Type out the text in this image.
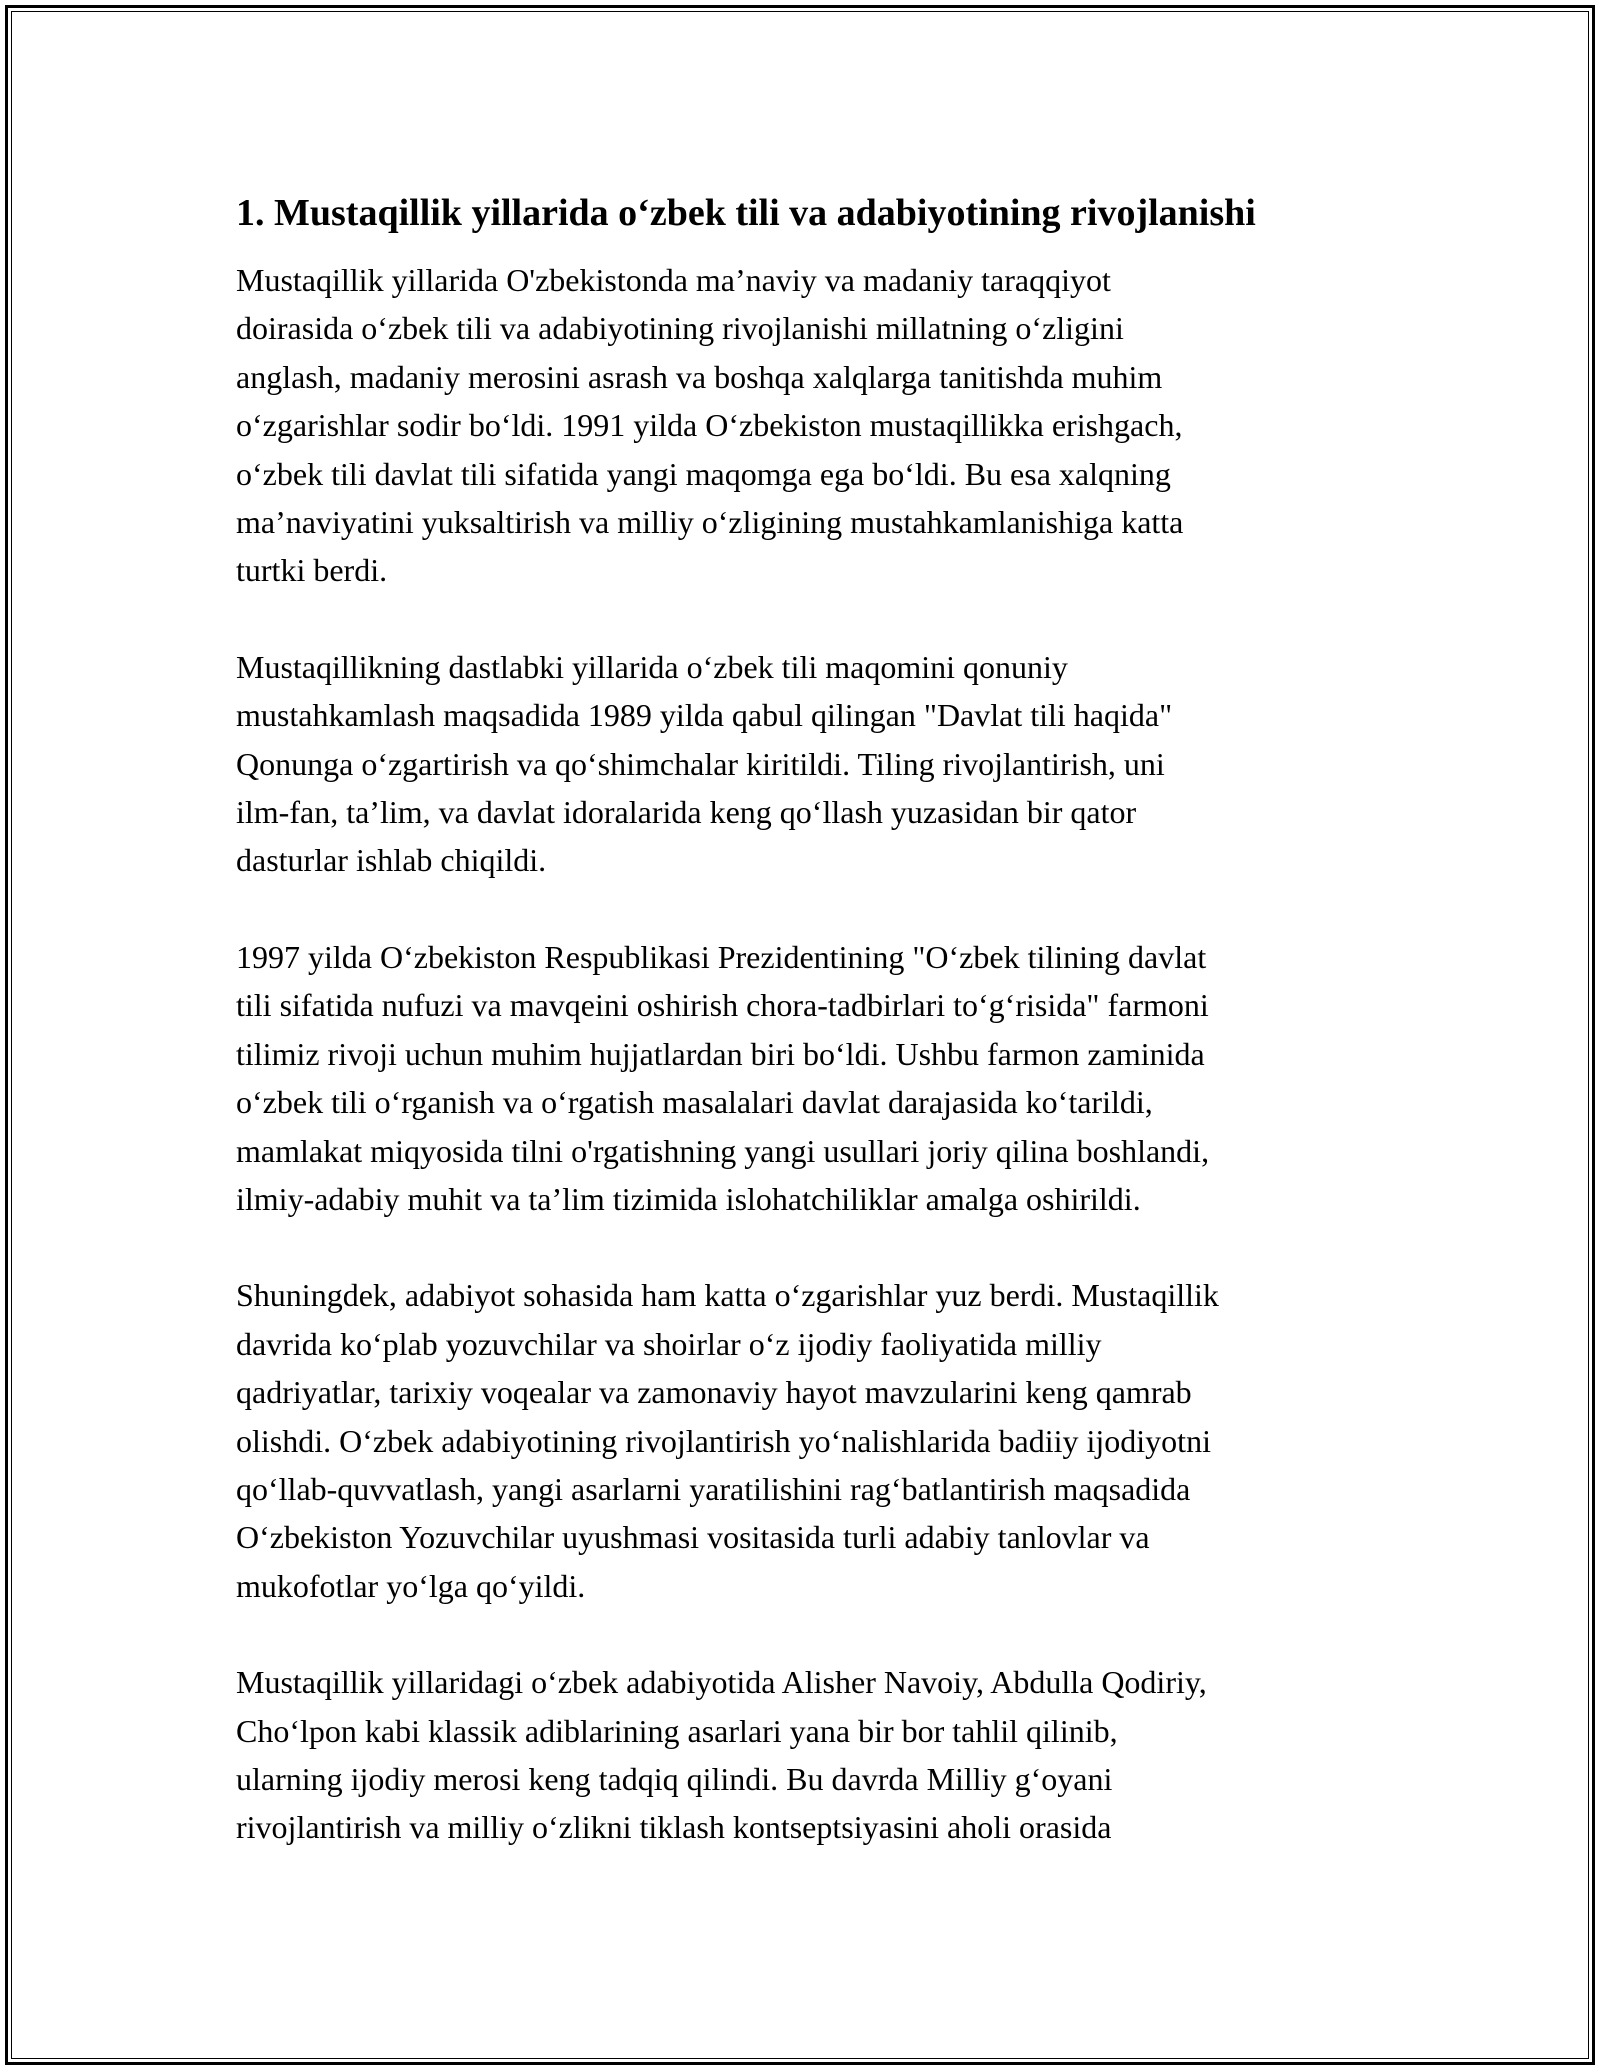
1. Mustaqillik yillarida o‘zbek tili va adabiyotining rivojlanishi

Mustaqillik yillarida O'zbekistonda ma’naviy va madaniy taraqqiyot
doirasida o‘zbek tili va adabiyotining rivojlanishi millatning o‘zligini
anglash, madaniy merosini asrash va boshqa xalqlarga tanitishda muhim
o‘zgarishlar sodir bo‘ldi. 1991 yilda O‘zbekiston mustaqillikka erishgach,
o‘zbek tili davlat tili sifatida yangi maqomga ega bo‘ldi. Bu esa xalqning
ma’naviyatini yuksaltirish va milliy o‘zligining mustahkamlanishiga katta
turtki berdi.

Mustaqillikning dastlabki yillarida o‘zbek tili maqomini qonuniy
mustahkamlash maqsadida 1989 yilda qabul qilingan "Davlat tili haqida"
Qonunga o‘zgartirish va qo‘shimchalar kiritildi. Tiling rivojlantirish, uni
ilm-fan, ta’lim, va davlat idoralarida keng qo‘llash yuzasidan bir qator
dasturlar ishlab chiqildi.

1997 yilda O‘zbekiston Respublikasi Prezidentining "O‘zbek tilining davlat
tili sifatida nufuzi va mavqeini oshirish chora-tadbirlari to‘g‘risida" farmoni
tilimiz rivoji uchun muhim hujjatlardan biri bo‘ldi. Ushbu farmon zaminida
o‘zbek tili o‘rganish va o‘rgatish masalalari davlat darajasida ko‘tarildi,
mamlakat miqyosida tilni o'rgatishning yangi usullari joriy qilina boshlandi,
ilmiy-adabiy muhit va ta’lim tizimida islohatchiliklar amalga oshirildi.

Shuningdek, adabiyot sohasida ham katta o‘zgarishlar yuz berdi. Mustaqillik
davrida ko‘plab yozuvchilar va shoirlar o‘z ijodiy faoliyatida milliy
qadriyatlar, tarixiy voqealar va zamonaviy hayot mavzularini keng qamrab
olishdi. O‘zbek adabiyotining rivojlantirish yo‘nalishlarida badiiy ijodiyotni
qo‘llab-quvvatlash, yangi asarlarni yaratilishini rag‘batlantirish maqsadida
O‘zbekiston Yozuvchilar uyushmasi vositasida turli adabiy tanlovlar va
mukofotlar yo‘lga qo‘yildi.

Mustaqillik yillaridagi o‘zbek adabiyotida Alisher Navoiy, Abdulla Qodiriy,
Cho‘lpon kabi klassik adiblarining asarlari yana bir bor tahlil qilinib,
ularning ijodiy merosi keng tadqiq qilindi. Bu davrda Milliy g‘oyani
rivojlantirish va milliy o‘zlikni tiklash kontseptsiyasini aholi orasida
